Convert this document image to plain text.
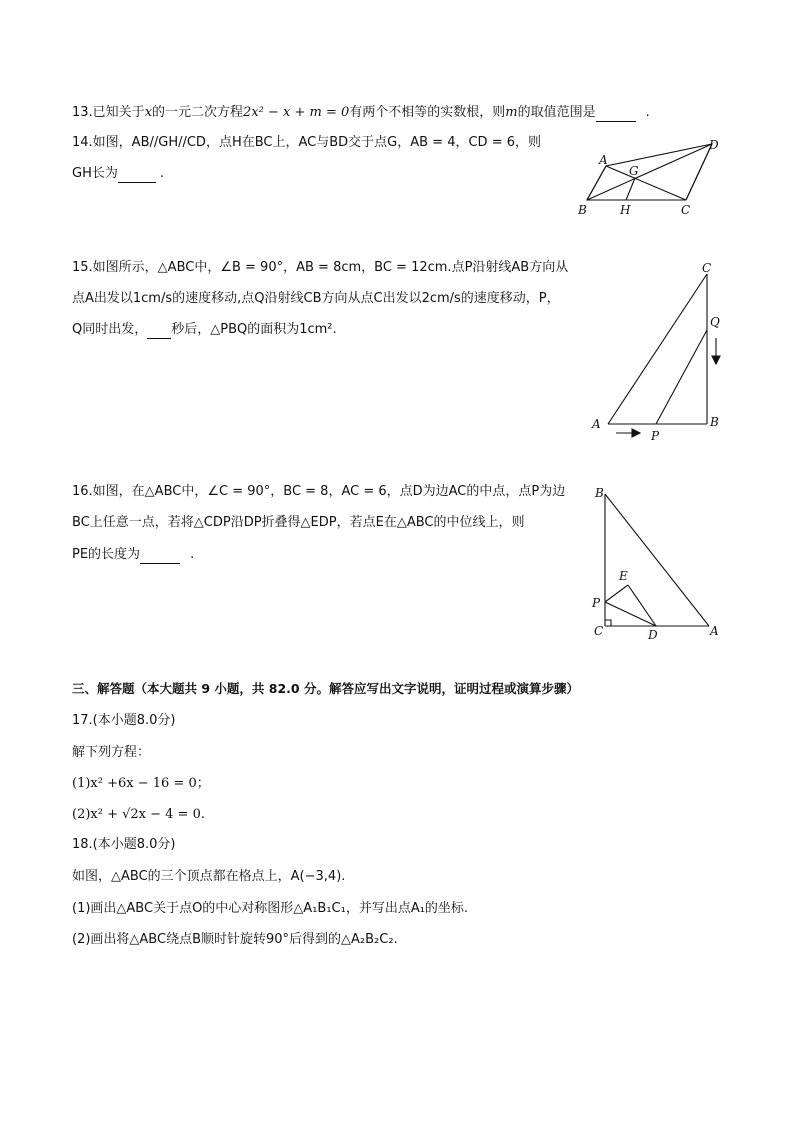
13.已知关于x的一元二次方程2x² − x + m = 0有两个不相等的实数根，则m的取值范围是	.
14.如图，AB//GH//CD，点H在BC上，AC与BD交于点G，AB = 4，CD = 6，则
GH长为	.
A
G
D
B	H	C
15.如图所示，△ABC中，∠B = 90°，AB = 8cm，BC = 12cm.点P沿射线AB方向从
点A出发以1cm/s的速度移动,点Q沿射线CB方向从点C出发以2cm/s的速度移动，P，
Q同时出发， 秒后，△PBQ的面积为1cm².
C
Q
A	B
P
16.如图，在△ABC中，∠C = 90°，BC = 8，AC = 6，点D为边AC的中点，点P为边
BC上任意一点，若将△CDP沿DP折叠得△EDP，若点E在△ABC的中位线上，则
PE的长度为	.
B
E
P
C	D	A
三、解答题（本大题共 9 小题，共 82.0 分。解答应写出文字说明，证明过程或演算步骤）
17.(本小题8.0分)
解下列方程：
(1)x² +6x − 16 = 0；
(2)x² + √2x − 4 = 0.
18.(本小题8.0分)
如图，△ABC的三个顶点都在格点上，A(−3,4).
(1)画出△ABC关于点O的中心对称图形△A₁B₁C₁，并写出点A₁的坐标.
(2)画出将△ABC绕点B顺时针旋转90°后得到的△A₂B₂C₂.
